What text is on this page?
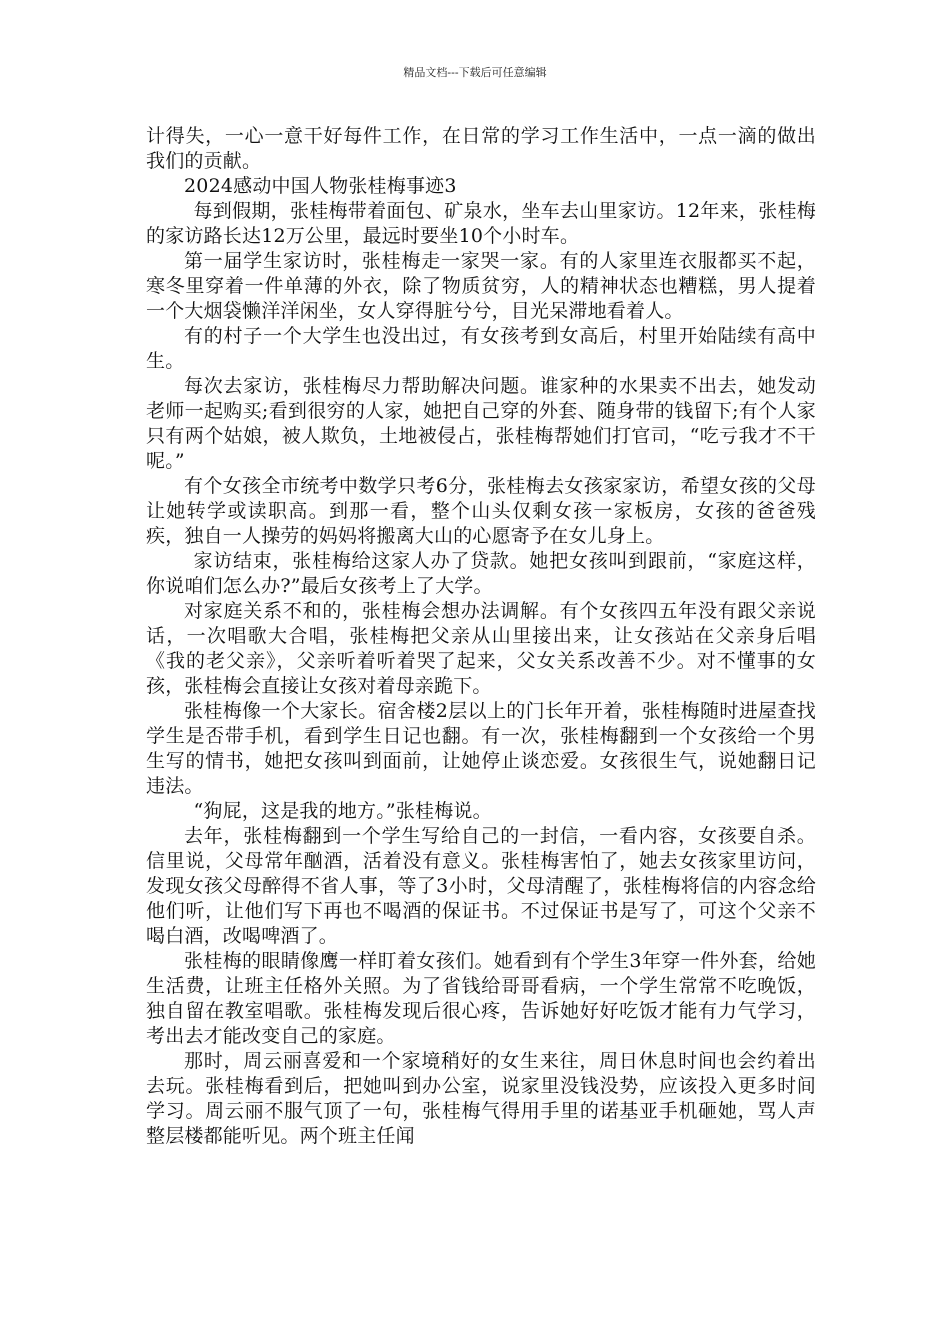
精品文档---下载后可任意编辑

计得失，一心一意干好每件工作，在日常的学习工作生活中，一点一滴的做出我们的贡献。

2024感动中国人物张桂梅事迹3

每到假期，张桂梅带着面包、矿泉水，坐车去山里家访。12年来，张桂梅的家访路长达12万公里，最远时要坐10个小时车。

第一届学生家访时，张桂梅走一家哭一家。有的人家里连衣服都买不起，寒冬里穿着一件单薄的外衣，除了物质贫穷，人的精神状态也糟糕，男人提着一个大烟袋懒洋洋闲坐，女人穿得脏兮兮，目光呆滞地看着人。

有的村子一个大学生也没出过，有女孩考到女高后，村里开始陆续有高中生。

每次去家访，张桂梅尽力帮助解决问题。谁家种的水果卖不出去，她发动老师一起购买;看到很穷的人家，她把自己穿的外套、随身带的钱留下;有个人家只有两个姑娘，被人欺负，土地被侵占，张桂梅帮她们打官司，“吃亏我才不干呢。”

有个女孩全市统考中数学只考6分，张桂梅去女孩家家访，希望女孩的父母让她转学或读职高。到那一看，整个山头仅剩女孩一家板房，女孩的爸爸残疾，独自一人操劳的妈妈将搬离大山的心愿寄予在女儿身上。

家访结束，张桂梅给这家人办了贷款。她把女孩叫到跟前，“家庭这样，你说咱们怎么办?”最后女孩考上了大学。

对家庭关系不和的，张桂梅会想办法调解。有个女孩四五年没有跟父亲说话，一次唱歌大合唱，张桂梅把父亲从山里接出来，让女孩站在父亲身后唱《我的老父亲》，父亲听着听着哭了起来，父女关系改善不少。对不懂事的女孩，张桂梅会直接让女孩对着母亲跪下。

张桂梅像一个大家长。宿舍楼2层以上的门长年开着，张桂梅随时进屋查找学生是否带手机，看到学生日记也翻。有一次，张桂梅翻到一个女孩给一个男生写的情书，她把女孩叫到面前，让她停止谈恋爱。女孩很生气，说她翻日记违法。

“狗屁，这是我的地方。”张桂梅说。

去年，张桂梅翻到一个学生写给自己的一封信，一看内容，女孩要自杀。信里说，父母常年酗酒，活着没有意义。张桂梅害怕了，她去女孩家里访问，发现女孩父母醉得不省人事，等了3小时，父母清醒了，张桂梅将信的内容念给他们听，让他们写下再也不喝酒的保证书。不过保证书是写了，可这个父亲不喝白酒，改喝啤酒了。

张桂梅的眼睛像鹰一样盯着女孩们。她看到有个学生3年穿一件外套，给她生活费，让班主任格外关照。为了省钱给哥哥看病，一个学生常常不吃晚饭，独自留在教室唱歌。张桂梅发现后很心疼，告诉她好好吃饭才能有力气学习，考出去才能改变自己的家庭。

那时，周云丽喜爱和一个家境稍好的女生来往，周日休息时间也会约着出去玩。张桂梅看到后，把她叫到办公室，说家里没钱没势，应该投入更多时间学习。周云丽不服气顶了一句，张桂梅气得用手里的诺基亚手机砸她，骂人声整层楼都能听见。两个班主任闻
